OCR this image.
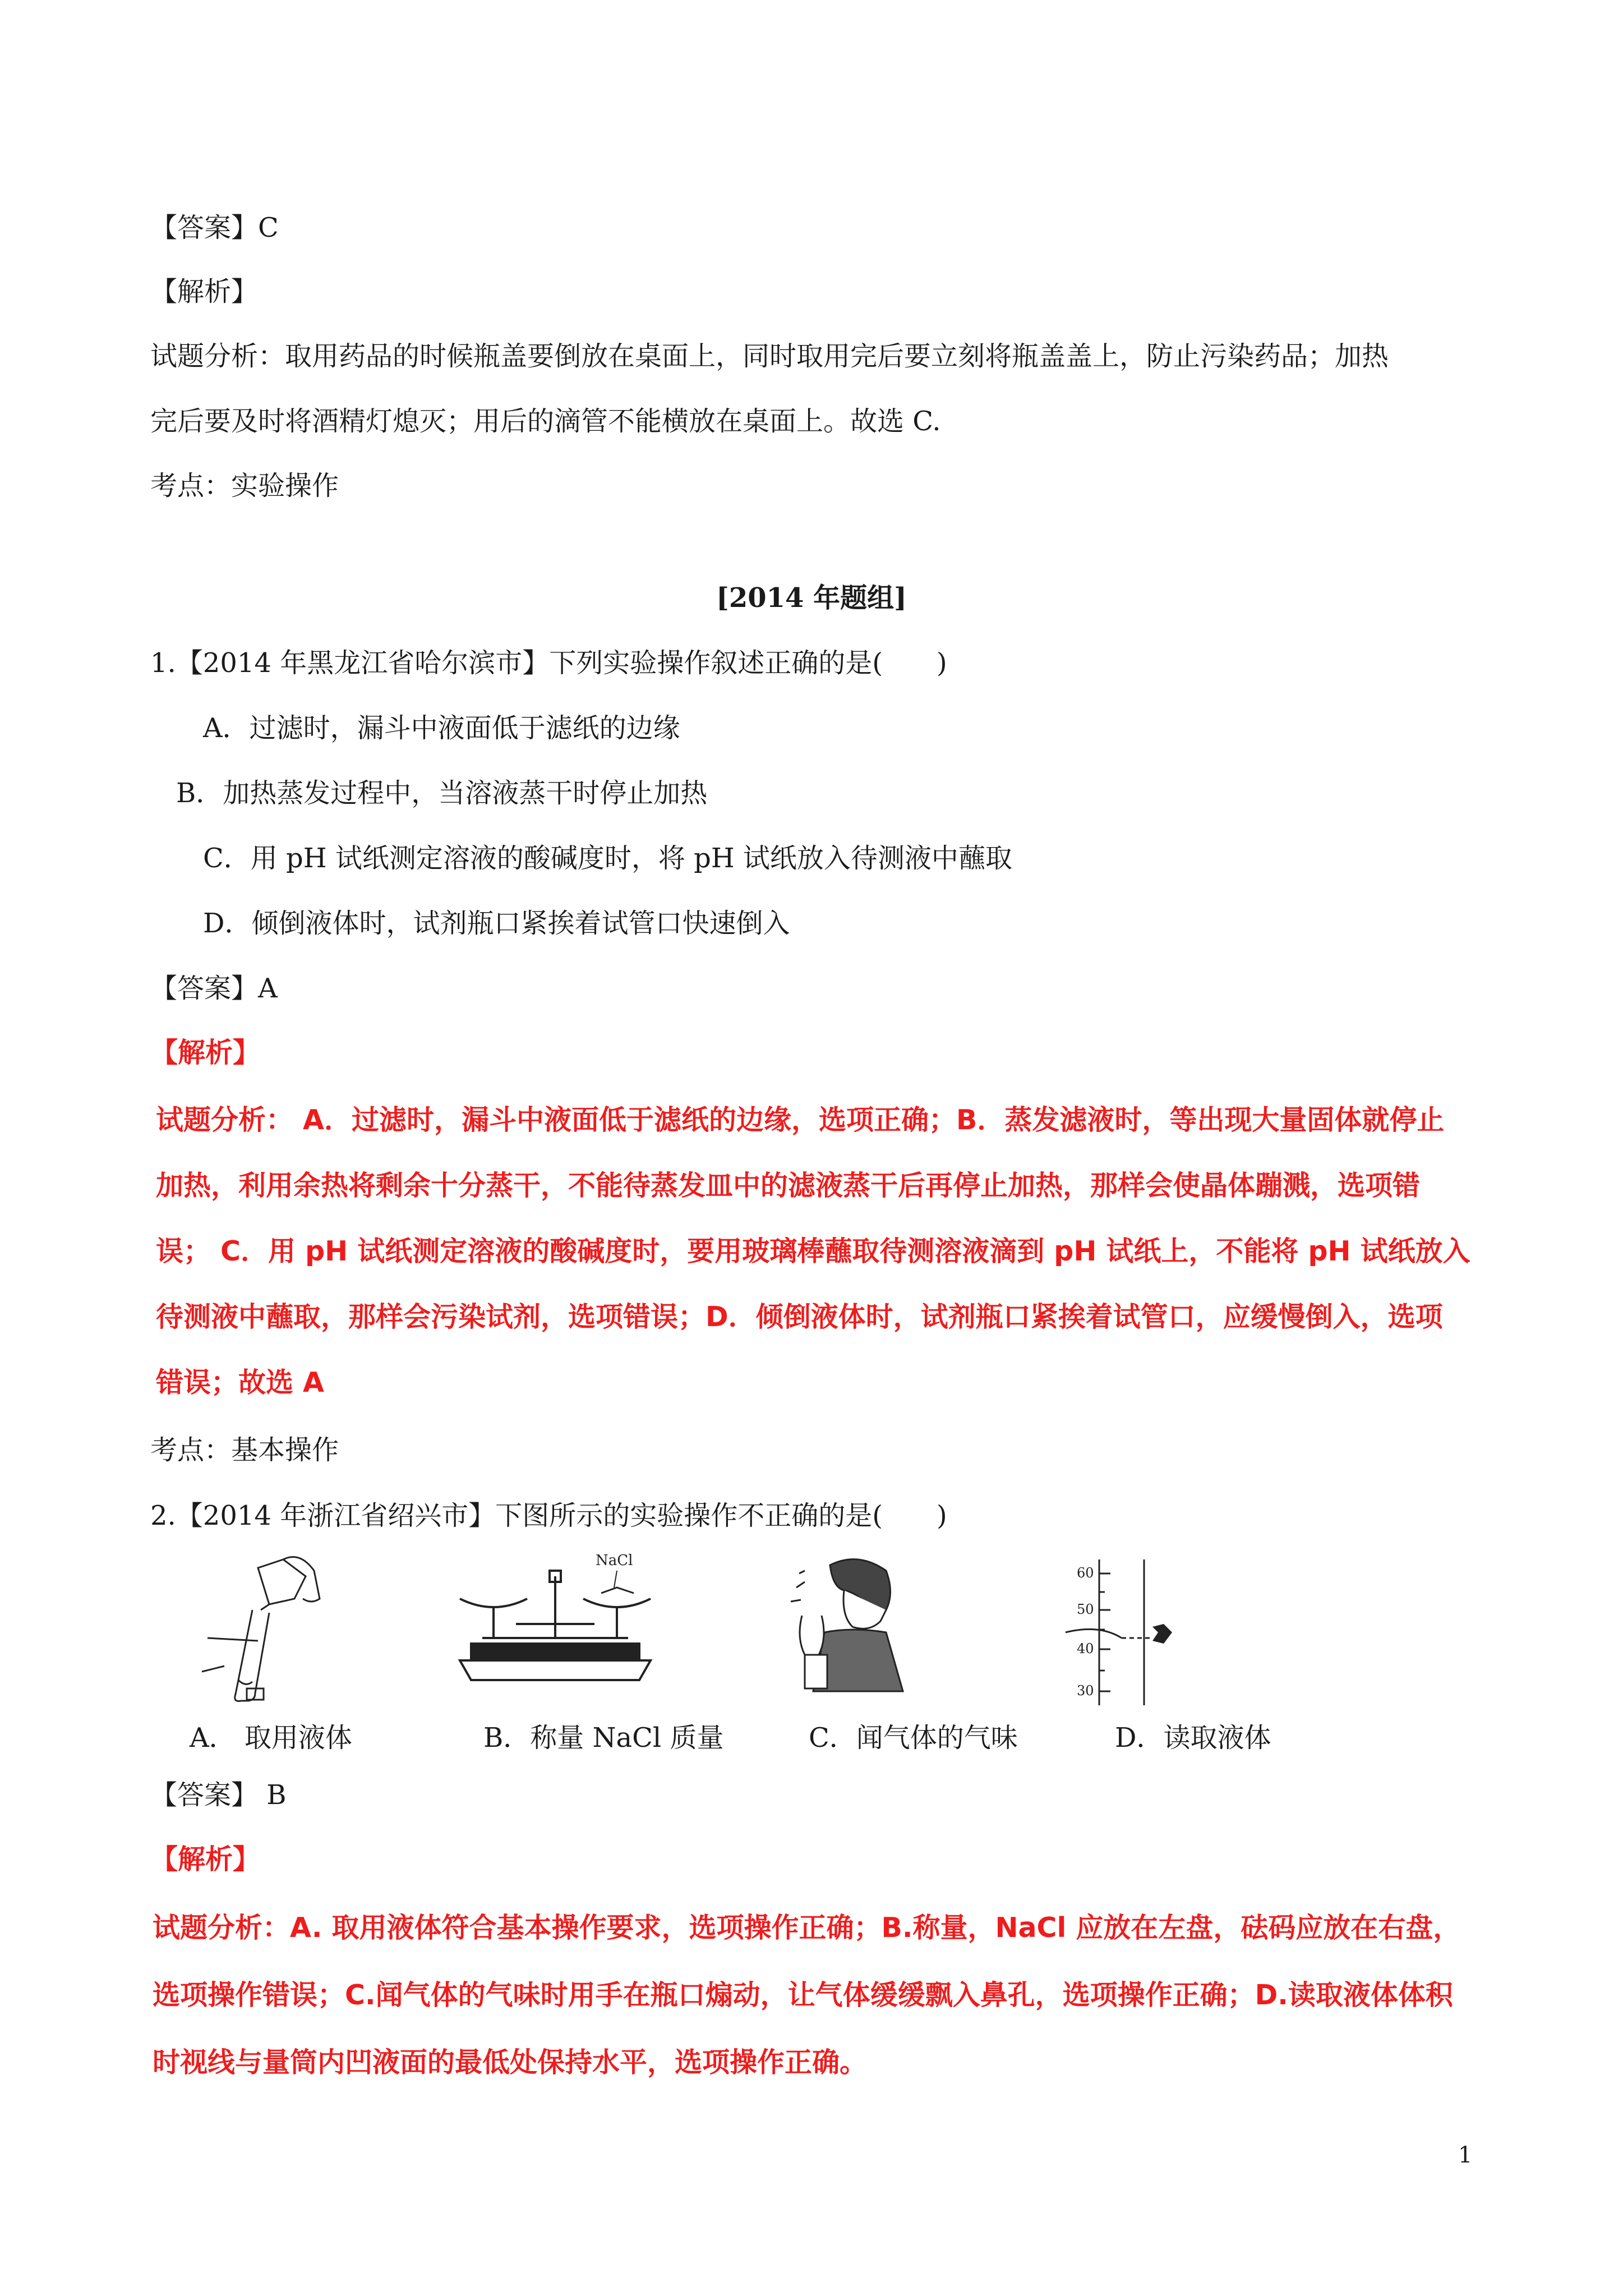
【答案】C
【解析】
试题分析：取用药品的时候瓶盖要倒放在桌面上，同时取用完后要立刻将瓶盖盖上，防止污染药品；加热
完后要及时将酒精灯熄灭；用后的滴管不能横放在桌面上。故选 C.
考点：实验操作
[2014 年题组]
1.【2014 年黑龙江省哈尔滨市】下列实验操作叙述正确的是(　　)
A．过滤时，漏斗中液面低于滤纸的边缘
B．加热蒸发过程中，当溶液蒸干时停止加热
C．用 pH 试纸测定溶液的酸碱度时，将 pH 试纸放入待测液中蘸取
D．倾倒液体时，试剂瓶口紧挨着试管口快速倒入
【答案】A
【解析】
试题分析： A．过滤时，漏斗中液面低于滤纸的边缘，选项正确；B．蒸发滤液时，等出现大量固体就停止
加热，利用余热将剩余十分蒸干，不能待蒸发皿中的滤液蒸干后再停止加热，那样会使晶体蹦溅，选项错
误； C．用 pH 试纸测定溶液的酸碱度时，要用玻璃棒蘸取待测溶液滴到 pH 试纸上，不能将 pH 试纸放入
待测液中蘸取，那样会污染试剂，选项错误；D．倾倒液体时，试剂瓶口紧挨着试管口，应缓慢倒入，选项
错误；故选 A
考点：基本操作
2.【2014 年浙江省绍兴市】下图所示的实验操作不正确的是(　　)
NaCl
60
50
40
30
A． 取用液体	B．称量 NaCl 质量	C．闻气体的气味	D．读取液体
【答案】 B
【解析】
试题分析：A. 取用液体符合基本操作要求，选项操作正确；B.称量，NaCl 应放在左盘，砝码应放在右盘，
选项操作错误；C.闻气体的气味时用手在瓶口煽动，让气体缓缓飘入鼻孔，选项操作正确；D.读取液体体积
时视线与量筒内凹液面的最低处保持水平，选项操作正确。
1
